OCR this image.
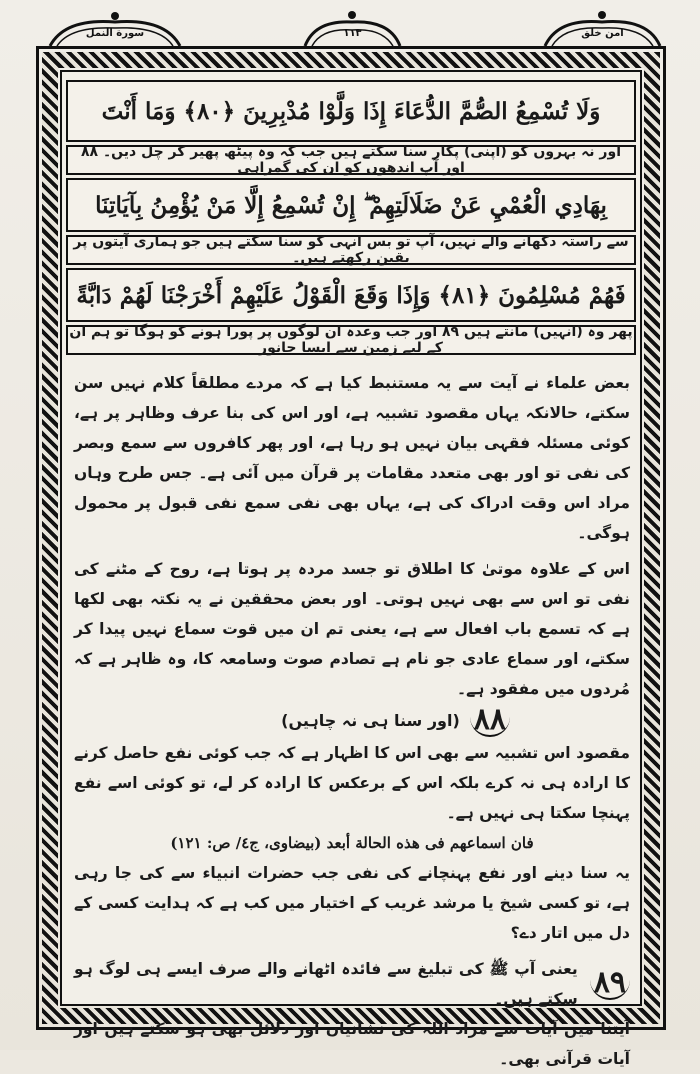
سورة النمل	١١٣	امن خلق
وَلَا تُسْمِعُ الصُّمَّ الدُّعَاءَ إِذَا وَلَّوْا مُدْبِرِينَ ﴿٨٠﴾ وَمَا أَنْتَ
اور نہ بہروں کو (اپنی) پکار سنا سکتے ہیں جب کہ وہ پیٹھ پھیر کر چل دیں۔ ۸۸ اور آپ اندھوں کو ان کی گمراہی
بِهَادِي الْعُمْيِ عَنْ ضَلَالَتِهِمْ ۖ إِنْ تُسْمِعُ إِلَّا مَنْ يُؤْمِنُ بِآيَاتِنَا
سے راستہ دکھانے والے نہیں، آپ تو بس انہی کو سنا سکتے ہیں جو ہماری آیتوں پر یقین رکھتے ہیں۔
فَهُمْ مُسْلِمُونَ ﴿٨١﴾ وَإِذَا وَقَعَ الْقَوْلُ عَلَيْهِمْ أَخْرَجْنَا لَهُمْ دَابَّةً
پھر وہ (انہیں) مانتے ہیں ۸۹ اور جب وعدہ ان لوگوں پر پورا ہونے کو ہوگا تو ہم ان کے لیے زمین سے ایسا جانور

بعض علماء نے آیت سے یہ مستنبط کیا ہے کہ مردے مطلقاً کلام نہیں سن سکتے، حالانکہ یہاں مقصود تشبیہ ہے، اور اس کی بنا عرف وظاہر پر ہے، کوئی مسئلہ فقہی بیان نہیں ہو رہا ہے، اور پھر کافروں سے سمع وبصر کی نفی تو اور بھی متعدد مقامات پر قرآن میں آئی ہے۔ جس طرح وہاں مراد اس وقت ادراک کی ہے، یہاں بھی نفی سمع نفی قبول پر محمول ہوگی۔

اس کے علاوہ موتیٰ کا اطلاق تو جسد مردہ پر ہوتا ہے، روح کے مٹنے کی نفی تو اس سے بھی نہیں ہوتی۔ اور بعض محققین نے یہ نکتہ بھی لکھا ہے کہ تسمع باب افعال سے ہے، یعنی تم ان میں قوت سماع نہیں پیدا کر سکتے، اور سماع عادی جو نام ہے تصادم صوت وسامعہ کا، وہ ظاہر ہے کہ مُردوں میں مفقود ہے۔

۸۸
(اور سنا ہی نہ چاہیں)

مقصود اس تشبیہ سے بھی اس کا اظہار ہے کہ جب کوئی نفع حاصل کرنے کا ارادہ ہی نہ کرے بلکہ اس کے برعکس کا ارادہ کر لے، تو کوئی اسے نفع پہنچا سکتا ہی نہیں ہے۔

فان اسماعهم فى هذه الحالة أبعد (بيضاوى، ج٤/ ص: ١٢١)

یہ سنا دینے اور نفع پہنچانے کی نفی جب حضرات انبیاء سے کی جا رہی ہے، تو کسی شیخ یا مرشد غریب کے اختیار میں کب ہے کہ ہدایت کسی کے دل میں اتار دے؟

۸۹
یعنی آپ ﷺ کی تبلیغ سے فائدہ اٹھانے والے صرف ایسے ہی لوگ ہو سکتے ہیں۔

آیتنا میں آیات سے مراد اللہ کی نشانیاں اور دلائل بھی ہو سکتے ہیں اور آیات قرآنی بھی۔
